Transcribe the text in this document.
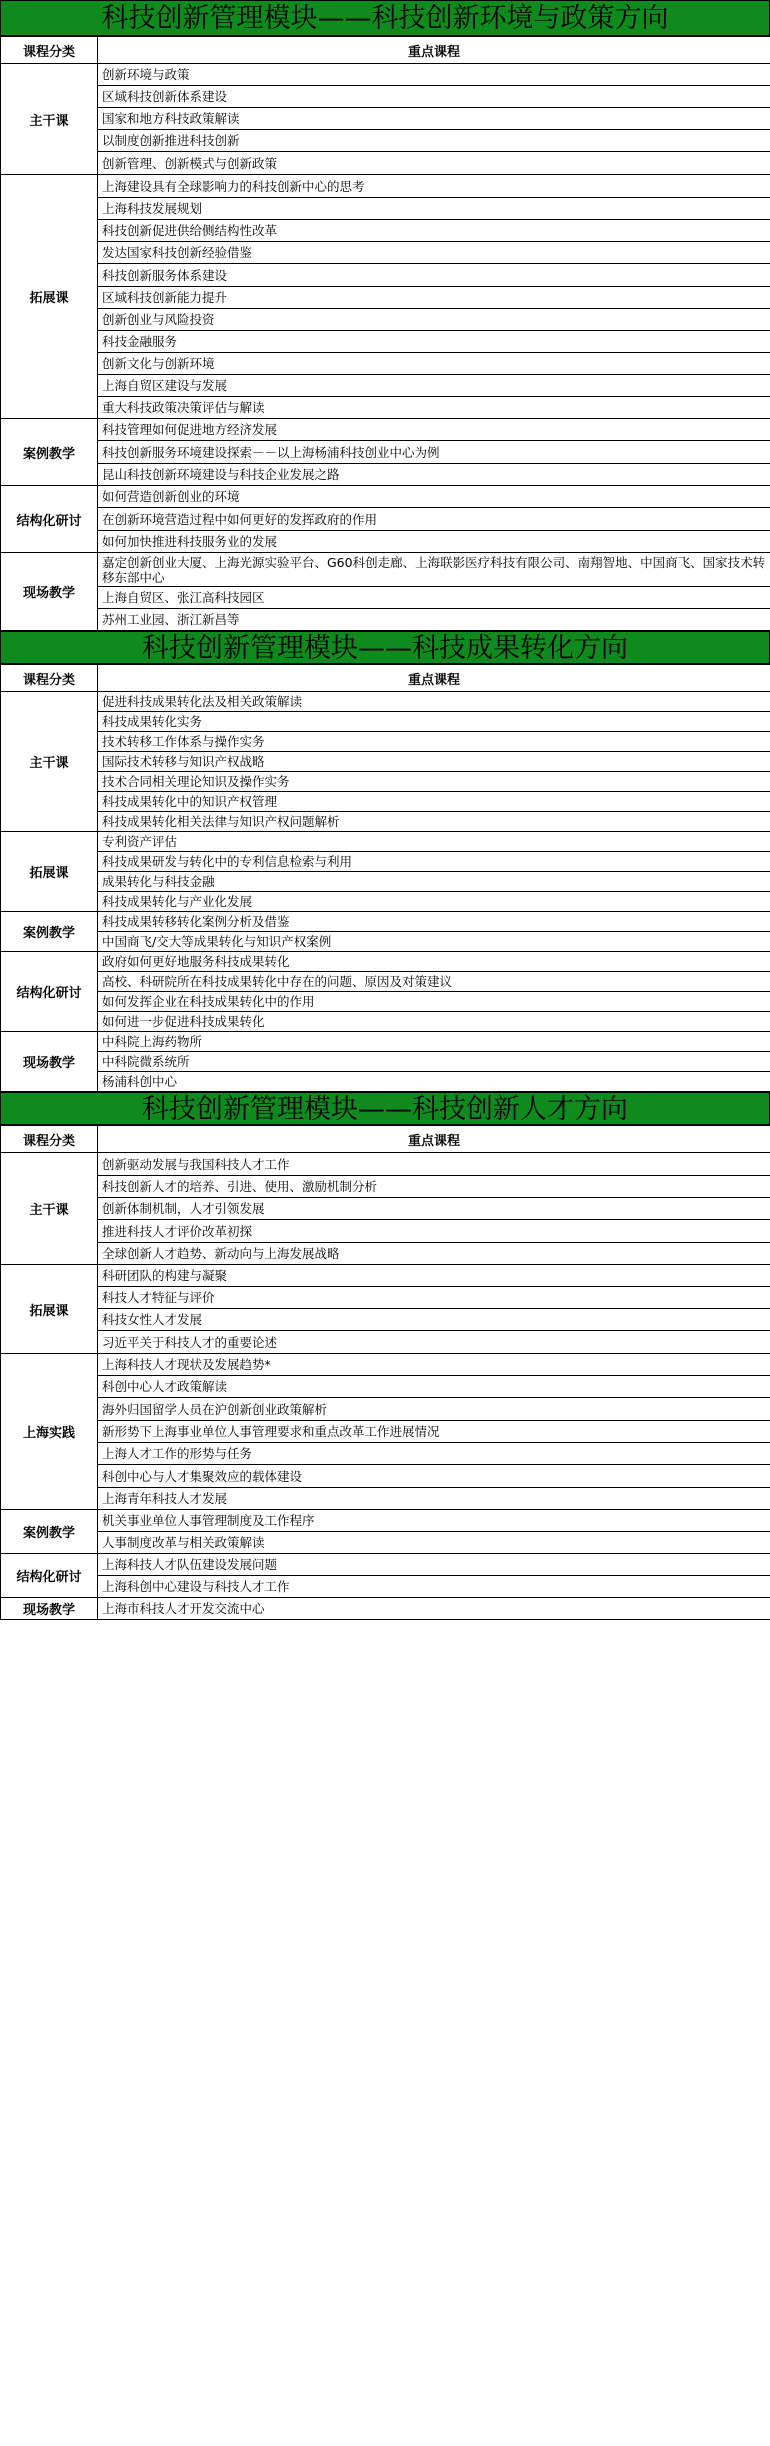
科技创新管理模块——科技创新环境与政策方向
课程分类	重点课程
主干课	创新环境与政策
	区域科技创新体系建设
	国家和地方科技政策解读
	以制度创新推进科技创新
	创新管理、创新模式与创新政策
拓展课	上海建设具有全球影响力的科技创新中心的思考
	上海科技发展规划
	科技创新促进供给侧结构性改革
	发达国家科技创新经验借鉴
	科技创新服务体系建设
	区域科技创新能力提升
	创新创业与风险投资
	科技金融服务
	创新文化与创新环境
	上海自贸区建设与发展
	重大科技政策决策评估与解读
案例教学	科技管理如何促进地方经济发展
	科技创新服务环境建设探索－－以上海杨浦科技创业中心为例
	昆山科技创新环境建设与科技企业发展之路
结构化研讨	如何营造创新创业的环境
	在创新环境营造过程中如何更好的发挥政府的作用
	如何加快推进科技服务业的发展
现场教学	嘉定创新创业大厦、上海光源实验平台、G60科创走廊、上海联影医疗科技有限公司、南翔智地、中国商飞、国家技术转移东部中心
	上海自贸区、张江高科技园区
	苏州工业园、浙江新昌等
科技创新管理模块——科技成果转化方向
课程分类	重点课程
主干课	促进科技成果转化法及相关政策解读
	科技成果转化实务
	技术转移工作体系与操作实务
	国际技术转移与知识产权战略
	技术合同相关理论知识及操作实务
	科技成果转化中的知识产权管理
	科技成果转化相关法律与知识产权问题解析
拓展课	专利资产评估
	科技成果研发与转化中的专利信息检索与利用
	成果转化与科技金融
	科技成果转化与产业化发展
案例教学	科技成果转移转化案例分析及借鉴
	中国商飞/交大等成果转化与知识产权案例
结构化研讨	政府如何更好地服务科技成果转化
	高校、科研院所在科技成果转化中存在的问题、原因及对策建议
	如何发挥企业在科技成果转化中的作用
	如何进一步促进科技成果转化
现场教学	中科院上海药物所
	中科院微系统所
	杨浦科创中心
科技创新管理模块——科技创新人才方向
课程分类	重点课程
主干课	创新驱动发展与我国科技人才工作
	科技创新人才的培养、引进、使用、激励机制分析
	创新体制机制，人才引领发展
	推进科技人才评价改革初探
	全球创新人才趋势、新动向与上海发展战略
拓展课	科研团队的构建与凝聚
	科技人才特征与评价
	科技女性人才发展
	习近平关于科技人才的重要论述
上海实践	上海科技人才现状及发展趋势*
	科创中心人才政策解读
	海外归国留学人员在沪创新创业政策解析
	新形势下上海事业单位人事管理要求和重点改革工作进展情况
	上海人才工作的形势与任务
	科创中心与人才集聚效应的载体建设
	上海青年科技人才发展
案例教学	机关事业单位人事管理制度及工作程序
	人事制度改革与相关政策解读
结构化研讨	上海科技人才队伍建设发展问题
	上海科创中心建设与科技人才工作
现场教学	上海市科技人才开发交流中心
